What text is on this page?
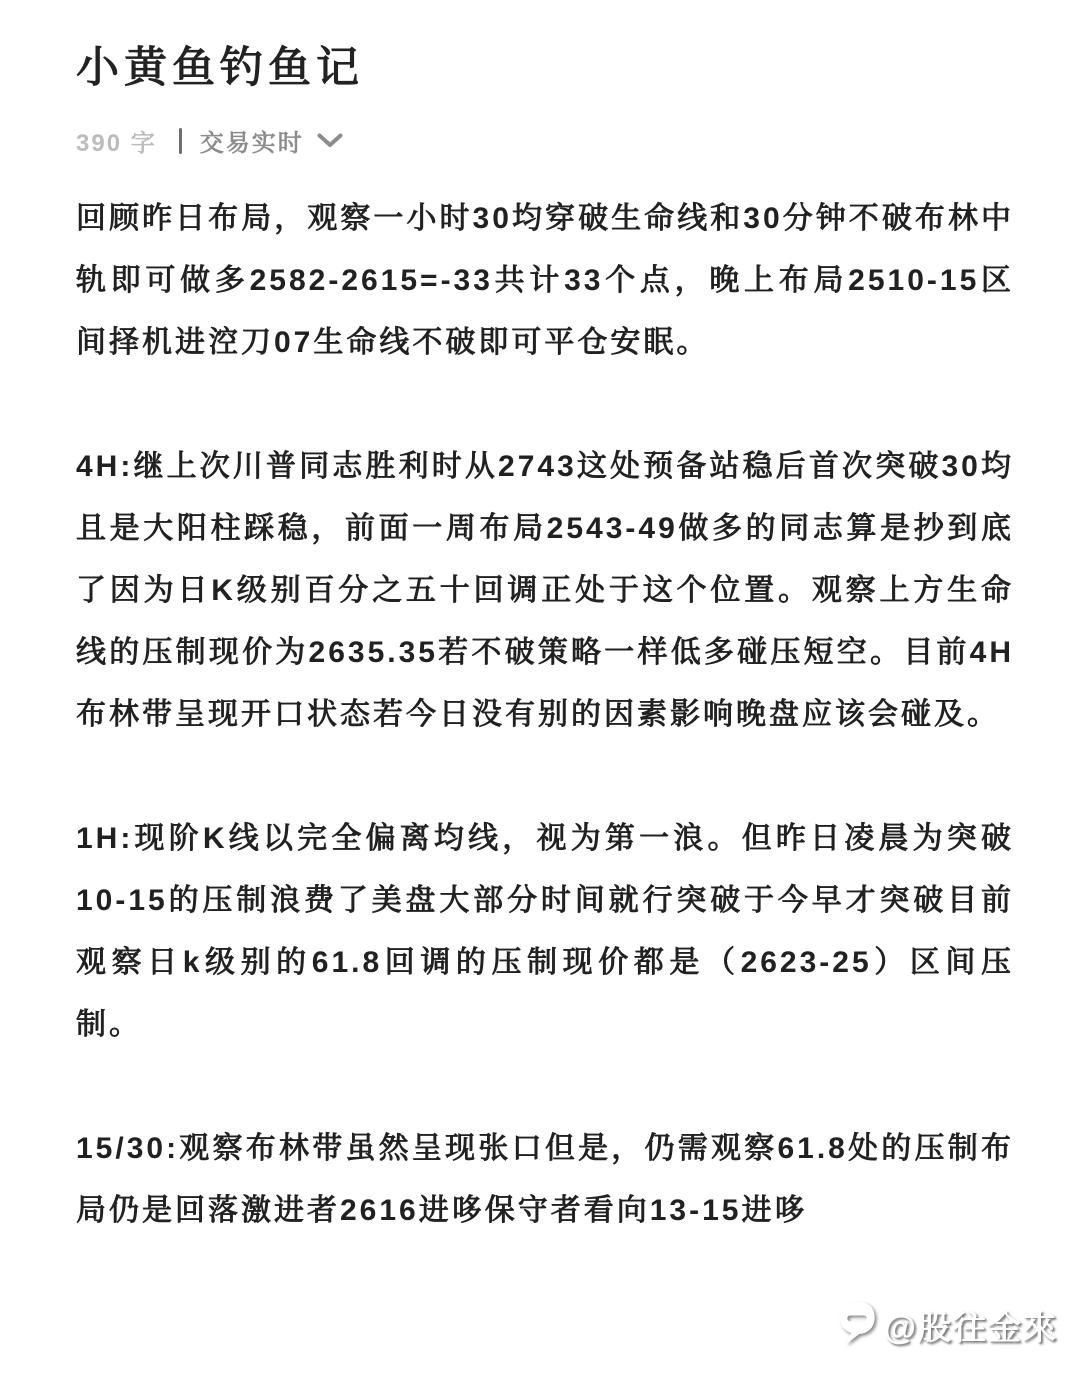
小黄鱼钓鱼记
390 字 交易实时

回顾昨日布局，观察一小时30均穿破生命线和30分钟不破布林中轨即可做多2582-2615=-33共计33个点，晚上布局2510-15区间择机进涳刀07生命线不破即可平仓安眠。

4H:继上次川普同志胜利时从2743这处预备站稳后首次突破30均且是大阳柱踩稳，前面一周布局2543-49做多的同志算是抄到底了因为日K级别百分之五十回调正处于这个位置。观察上方生命线的压制现价为2635.35若不破策略一样低多碰压短空。目前4H布林带呈现开口状态若今日没有别的因素影响晚盘应该会碰及。

1H:现阶K线以完全偏离均线，视为第一浪。但昨日凌晨为突破10-15的压制浪费了美盘大部分时间就行突破于今早才突破目前观察日k级别的61.8回调的压制现价都是（2623-25）区间压制。

15/30:观察布林带虽然呈现张口但是，仍需观察61.8处的压制布局仍是回落激进者2616进哆保守者看向13-15进哆

@股往金來
